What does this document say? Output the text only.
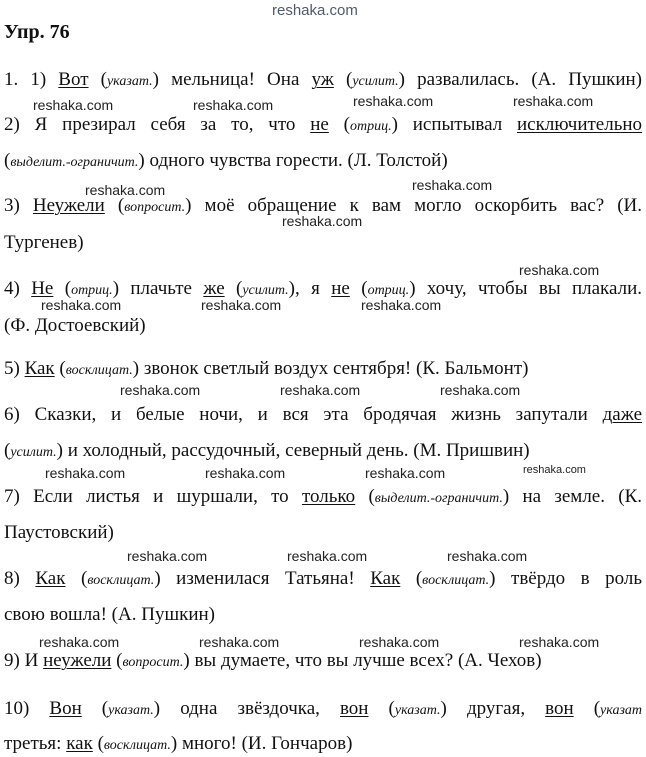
reshaka.com
Упр. 76
1. 1) Вот (указат.) мельница! Она уж (усилит.) развалилась. (А. Пушкин)
reshaka.com	reshaka.com	reshaka.com	reshaka.com
2) Я презирал себя за то, что не (отриц.) испытывал исключительно
(выделит.-ограничит.) одного чувства горести. (Л. Толстой)
reshaka.com	reshaka.com
3) Неужели (вопросит.) моё обращение к вам могло оскорбить вас? (И.
reshaka.com
Тургенев)
reshaka.com
4) Не (отриц.) плачьте же (усилит.), я не (отриц.) хочу, чтобы вы плакали.
reshaka.com	reshaka.com	reshaka.com
(Ф. Достоевский)
5) Как (восклицат.) звонок светлый воздух сентября! (К. Бальмонт)
reshaka.com	reshaka.com	reshaka.com
6) Сказки, и белые ночи, и вся эта бродячая жизнь запутали даже
(усилит.) и холодный, рассудочный, северный день. (М. Пришвин)
reshaka.com	reshaka.com	reshaka.com	reshaka.com
7) Если листья и шуршали, то только (выделит.-ограничит.) на земле. (К.
Паустовский)
reshaka.com	reshaka.com	reshaka.com
8) Как (восклицат.) изменилася Татьяна! Как (восклицат.) твёрдо в роль
свою вошла! (А. Пушкин)
reshaka.com	reshaka.com	reshaka.com	reshaka.com
9) И неужели (вопросит.) вы думаете, что вы лучше всех? (А. Чехов)
10) Вон (указат.) одна звёздочка, вон (указат.) другая, вон (указат
третья: как (восклицат.) много! (И. Гончаров)
